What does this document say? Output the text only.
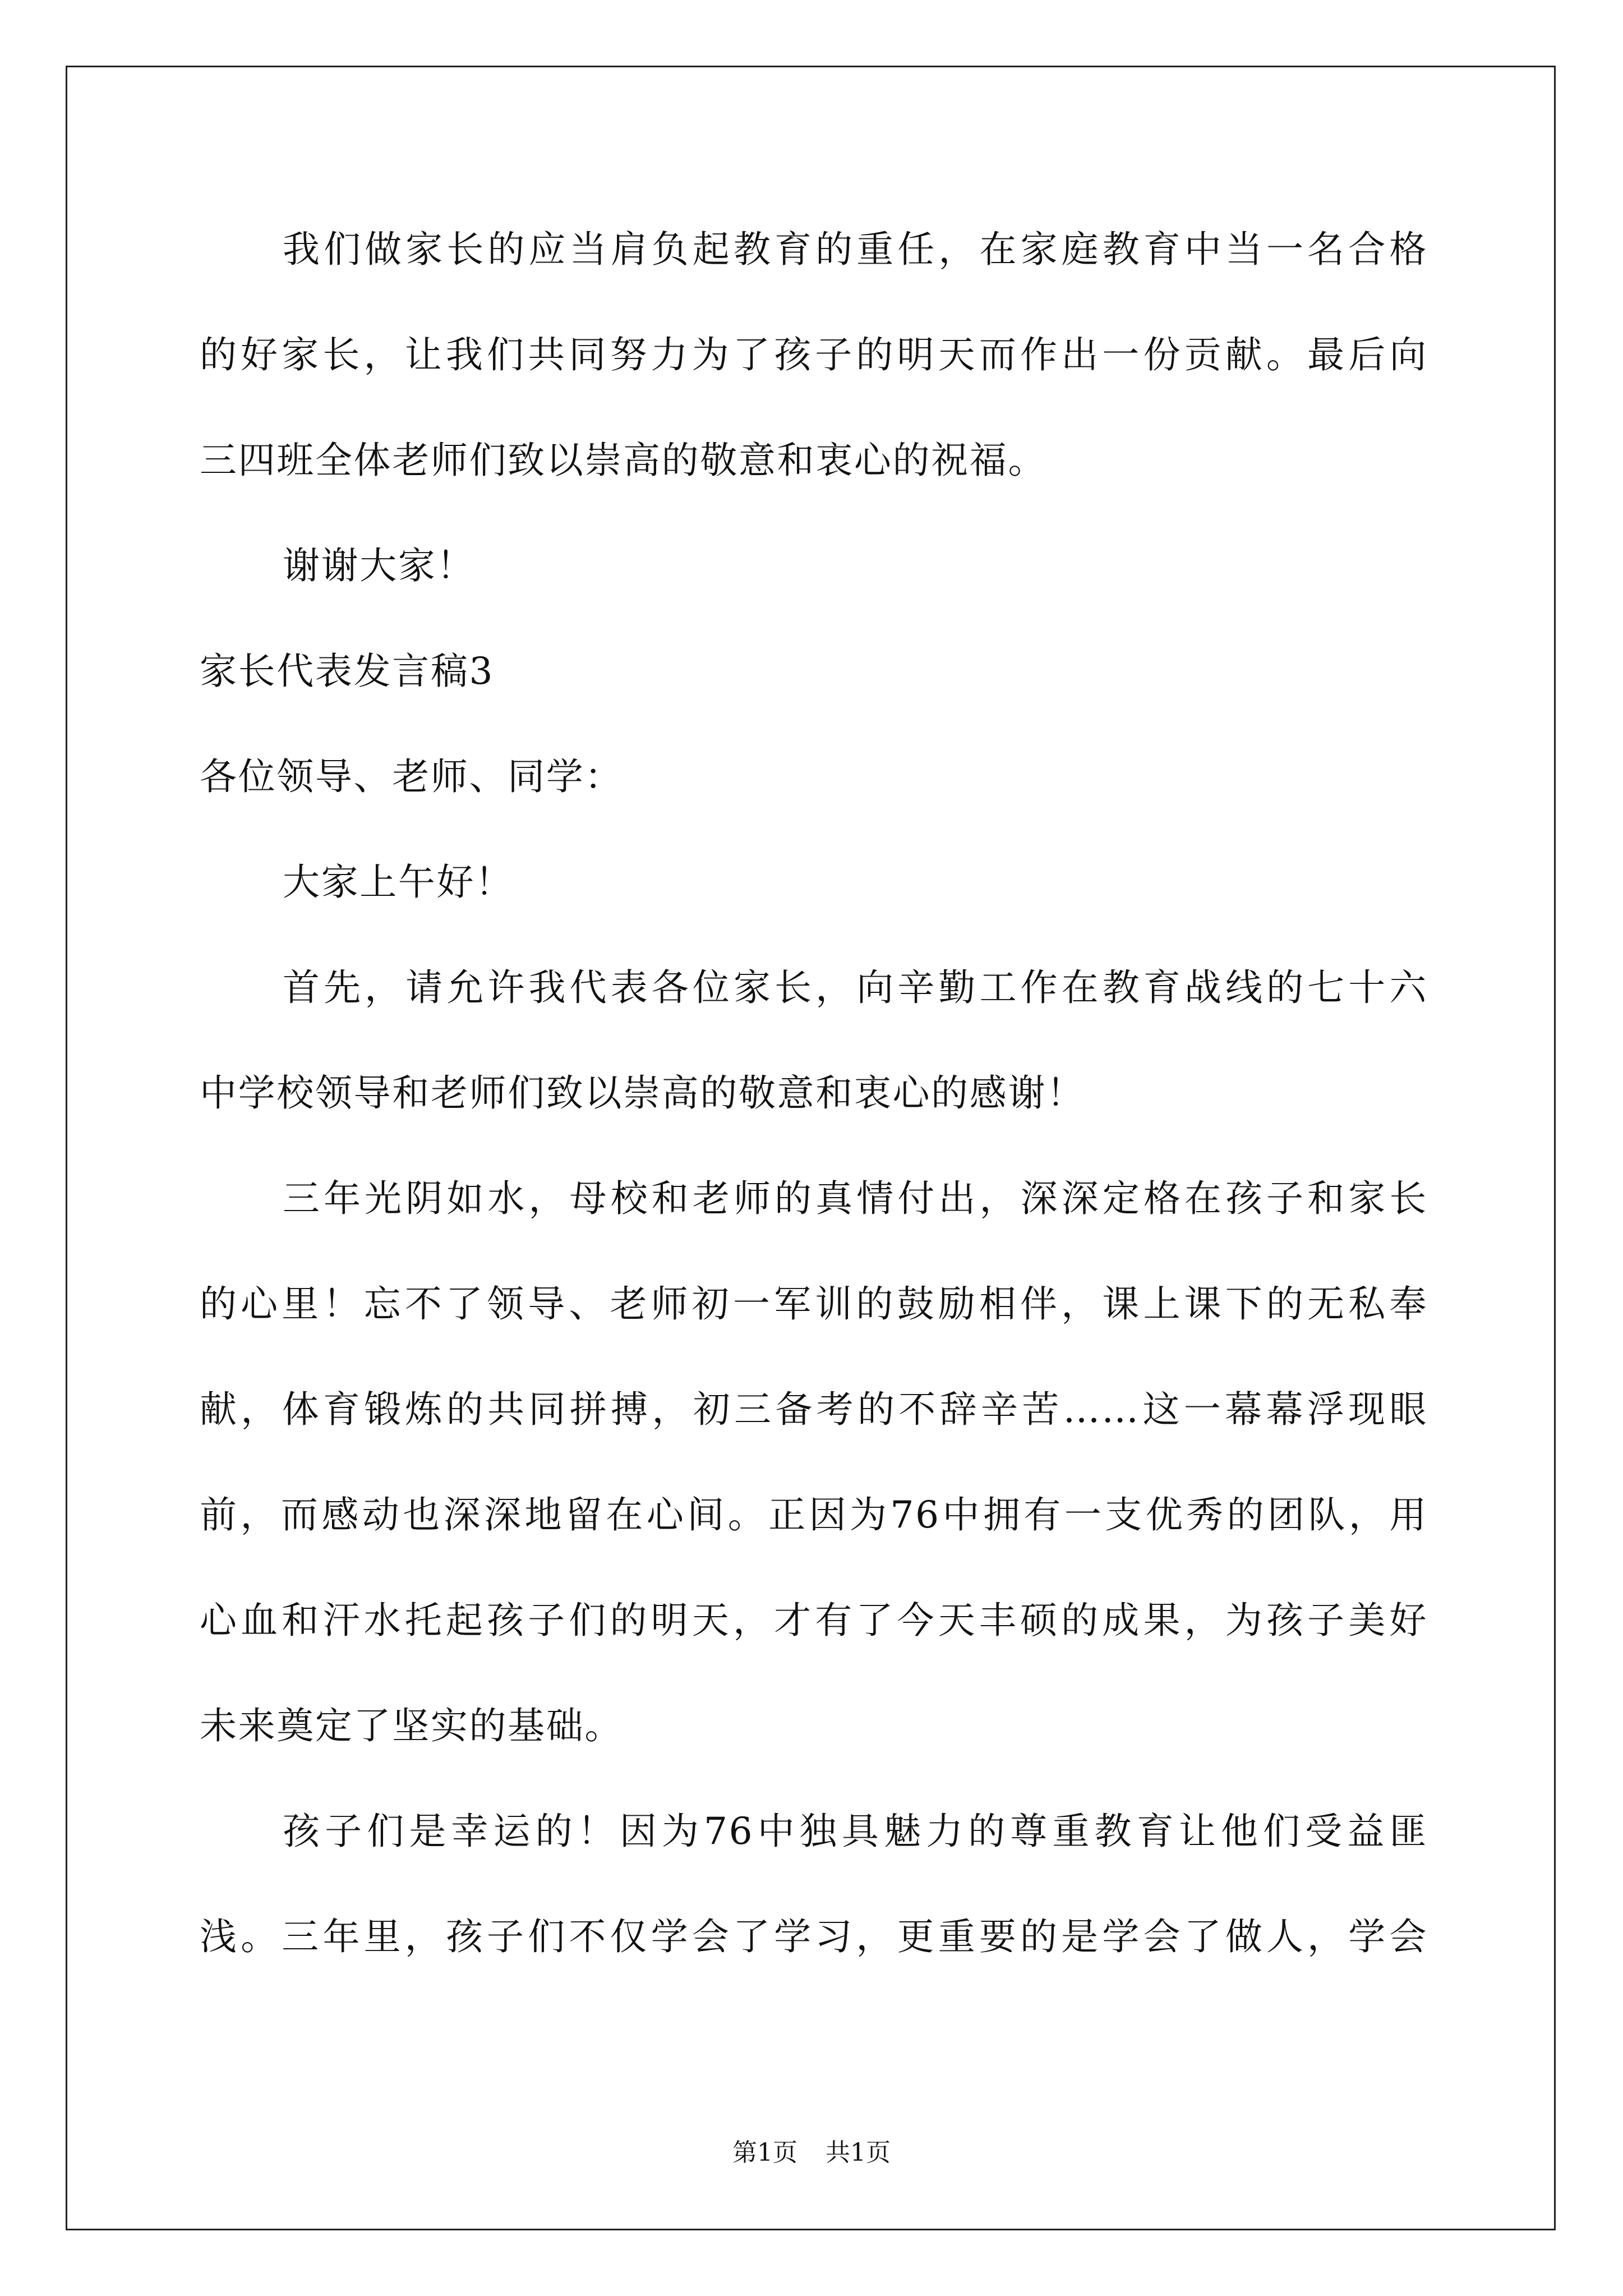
我们做家长的应当肩负起教育的重任，在家庭教育中当一名合格
的好家长，让我们共同努力为了孩子的明天而作出一份贡献。最后向
三四班全体老师们致以崇高的敬意和衷心的祝福。
谢谢大家！
家长代表发言稿3
各位领导、老师、同学：
大家上午好！
首先，请允许我代表各位家长，向辛勤工作在教育战线的七十六
中学校领导和老师们致以崇高的敬意和衷心的感谢！
三年光阴如水，母校和老师的真情付出，深深定格在孩子和家长
的心里！忘不了领导、老师初一军训的鼓励相伴，课上课下的无私奉
献，体育锻炼的共同拼搏，初三备考的不辞辛苦……这一幕幕浮现眼
前，而感动也深深地留在心间。正因为76中拥有一支优秀的团队，用
心血和汗水托起孩子们的明天，才有了今天丰硕的成果，为孩子美好
未来奠定了坚实的基础。
孩子们是幸运的！因为76中独具魅力的尊重教育让他们受益匪
浅。三年里，孩子们不仅学会了学习，更重要的是学会了做人，学会
第1页 共1页
